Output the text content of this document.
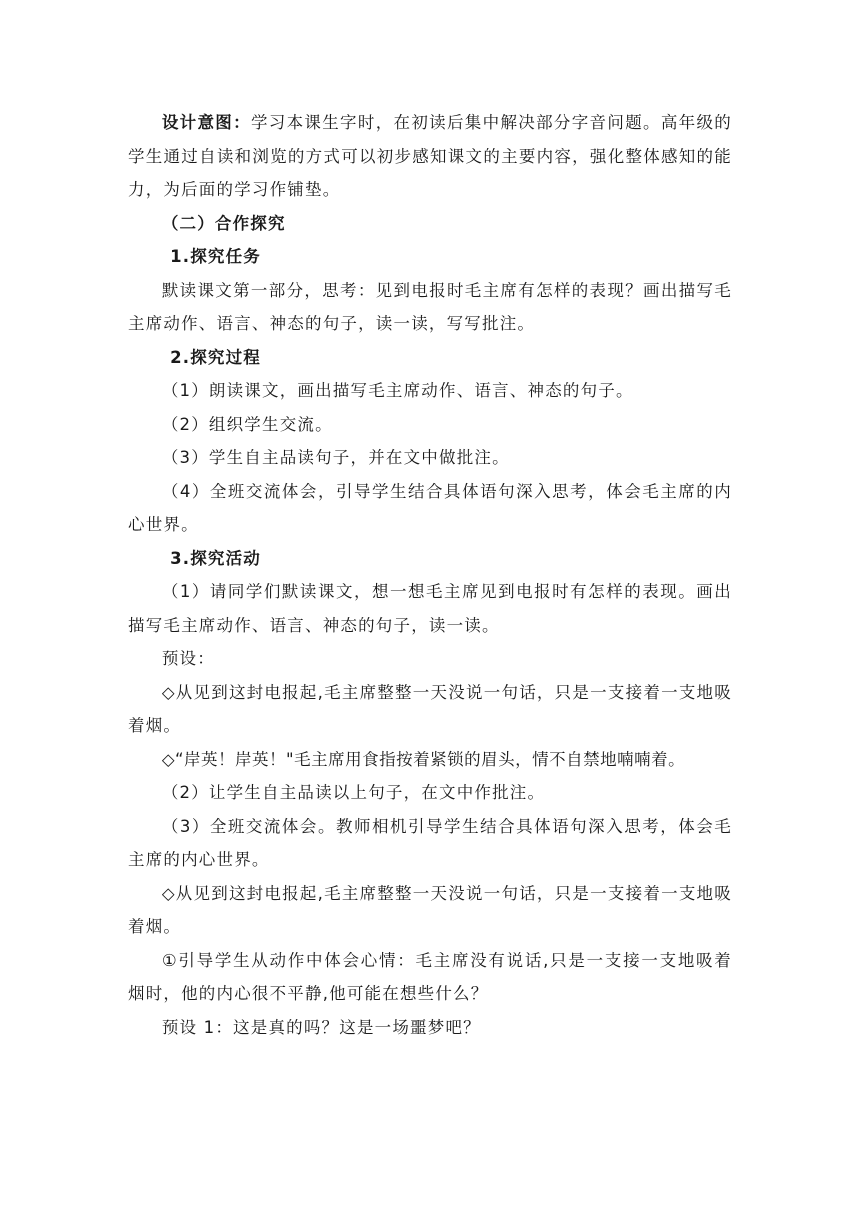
设计意图：学习本课生字时，在初读后集中解决部分字音问题。高年级的学生通过自读和浏览的方式可以初步感知课文的主要内容，强化整体感知的能力，为后面的学习作铺垫。

（二）合作探究

1.探究任务

默读课文第一部分，思考：见到电报时毛主席有怎样的表现？画出描写毛主席动作、语言、神态的句子，读一读，写写批注。

2.探究过程

（1）朗读课文，画出描写毛主席动作、语言、神态的句子。

（2）组织学生交流。

（3）学生自主品读句子，并在文中做批注。

（4）全班交流体会，引导学生结合具体语句深入思考，体会毛主席的内心世界。

3.探究活动

（1）请同学们默读课文，想一想毛主席见到电报时有怎样的表现。画出描写毛主席动作、语言、神态的句子，读一读。

预设：

◇从见到这封电报起,毛主席整整一天没说一句话，只是一支接着一支地吸着烟。

◇“岸英！岸英！"毛主席用食指按着紧锁的眉头，情不自禁地喃喃着。

（2）让学生自主品读以上句子，在文中作批注。

（3）全班交流体会。教师相机引导学生结合具体语句深入思考，体会毛主席的内心世界。

◇从见到这封电报起,毛主席整整一天没说一句话，只是一支接着一支地吸着烟。

①引导学生从动作中体会心情：毛主席没有说话,只是一支接一支地吸着烟时，他的内心很不平静,他可能在想些什么？

预设 1：这是真的吗？这是一场噩梦吧？
